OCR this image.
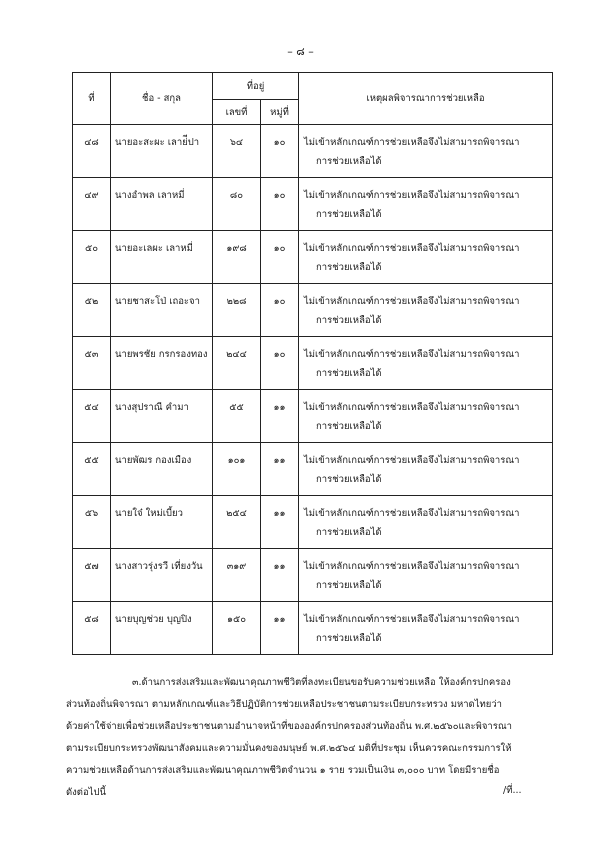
– ๘ –
ที่	ชื่อ - สกุล	ที่อยู่		เหตุผลพิจารณาการช่วยเหลือ
		เลขที่	หมู่ที่	
๔๘	นายอะสะผะ เลาย่ีปา	๖๔	๑๐	ไม่เข้าหลักเกณฑ์การช่วยเหลือจึงไม่สามารถพิจารณา
การช่วยเหลือได้

๔๙	นางอำพล เลาหมี่	๘๐	๑๐	ไม่เข้าหลักเกณฑ์การช่วยเหลือจึงไม่สามารถพิจารณา
การช่วยเหลือได้

๕๐	นายอะเลผะ เลาหมี่	๑๙๘	๑๐	ไม่เข้าหลักเกณฑ์การช่วยเหลือจึงไม่สามารถพิจารณา
การช่วยเหลือได้

๕๒	นายชาสะโป่ เถอะจา	๒๒๘	๑๐	ไม่เข้าหลักเกณฑ์การช่วยเหลือจึงไม่สามารถพิจารณา
การช่วยเหลือได้

๕๓	นายพรชัย กรกรองทอง	๒๔๔	๑๐	ไม่เข้าหลักเกณฑ์การช่วยเหลือจึงไม่สามารถพิจารณา
การช่วยเหลือได้

๕๔	นางสุปราณี คำมา	๕๕	๑๑	ไม่เข้าหลักเกณฑ์การช่วยเหลือจึงไม่สามารถพิจารณา
การช่วยเหลือได้

๕๕	นายพัฒร กองเมือง	๑๐๑	๑๑	ไม่เข้าหลักเกณฑ์การช่วยเหลือจึงไม่สามารถพิจารณา
การช่วยเหลือได้

๕๖	นายใจ๋ ใหม่เบี้ยว	๒๕๔	๑๑	ไม่เข้าหลักเกณฑ์การช่วยเหลือจึงไม่สามารถพิจารณา
การช่วยเหลือได้

๕๗	นางสาวรุ่งรวี เที่ยงวัน	๓๑๙	๑๑	ไม่เข้าหลักเกณฑ์การช่วยเหลือจึงไม่สามารถพิจารณา
การช่วยเหลือได้

๕๘	นายบุญช่วย บุญปิง	๑๕๐	๑๑	ไม่เข้าหลักเกณฑ์การช่วยเหลือจึงไม่สามารถพิจารณา
การช่วยเหลือได้
๓.ด้านการส่งเสริมและพัฒนาคุณภาพชีวิตที่ลงทะเบียนขอรับความช่วยเหลือ ให้องค์กรปกครอง
ส่วนท้องถิ่นพิจารณา ตามหลักเกณฑ์และวิธีปฏิบัติการช่วยเหลือประชาชนตามระเบียบกระทรวง มหาดไทยว่า
ด้วยค่าใช้จ่ายเพื่อช่วยเหลือประชาชนตามอำนาจหน้าที่ขององค์กรปกครองส่วนท้องถิ่น พ.ศ.๒๕๖๐และพิจารณา
ตามระเบียบกระทรวงพัฒนาสังคมและความมั่นคงของมนุษย์ พ.ศ.๒๕๖๔ มติที่ประชุม เห็นควรคณะกรรมการให้
ความช่วยเหลือด้านการส่งเสริมและพัฒนาคุณภาพชีวิตจำนวน ๑ ราย รวมเป็นเงิน ๓,๐๐๐ บาท โดยมีรายชื่อ
ดังต่อไปนี้	/ที่...
